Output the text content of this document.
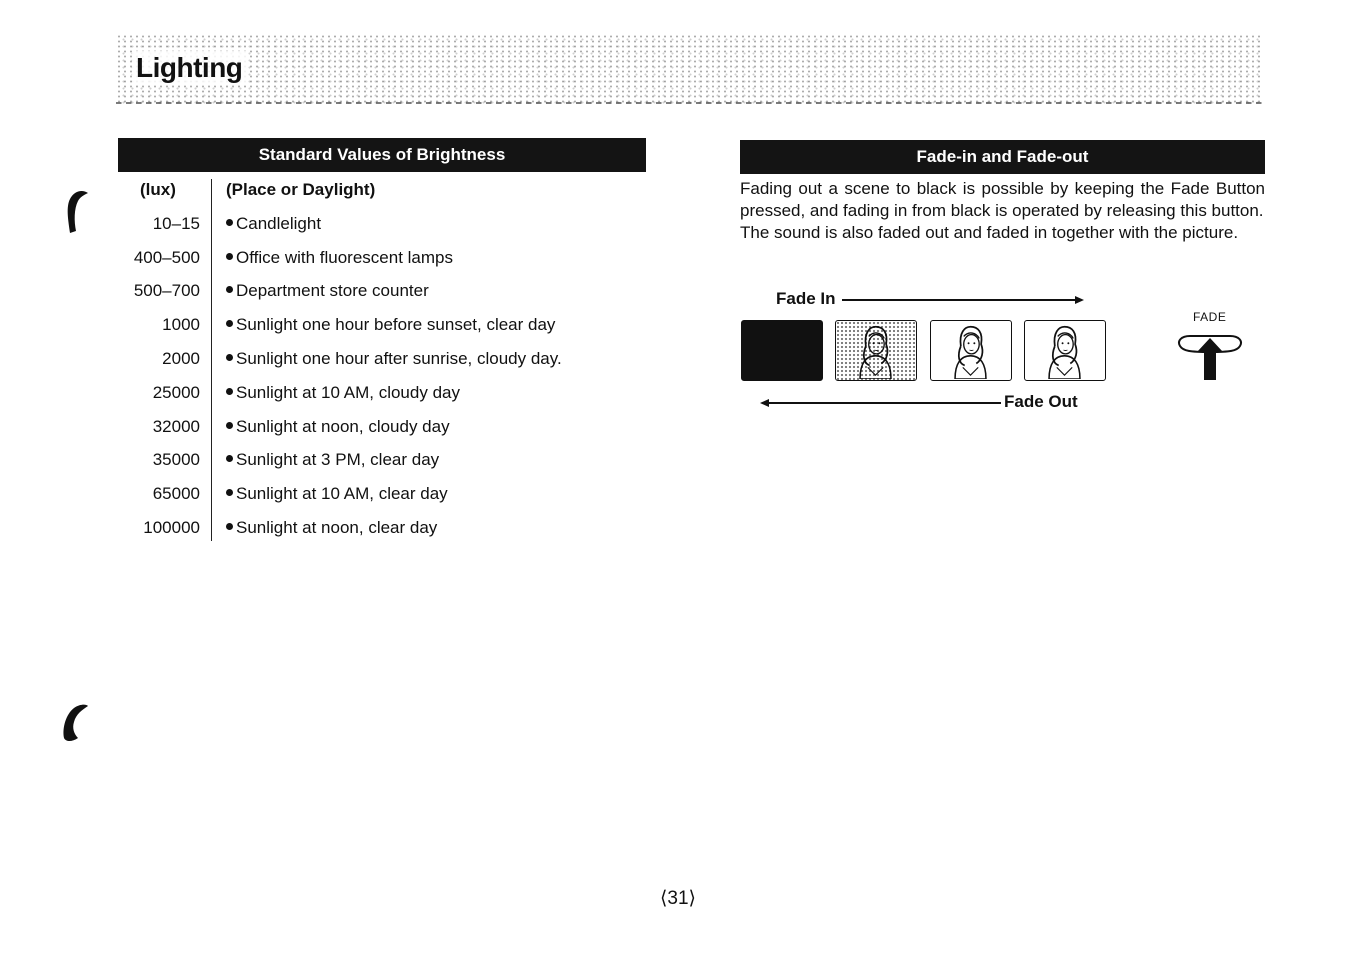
Lighting
Standard Values of Brightness
(lux)	(Place or Daylight)
10–15	Candlelight
400–500	Office with fluorescent lamps
500–700	Department store counter
1000	Sunlight one hour before sunset, clear day
2000	Sunlight one hour after sunrise, cloudy day.
25000	Sunlight at 10 AM, cloudy day
32000	Sunlight at noon, cloudy day
35000	Sunlight at 3 PM, clear day
65000	Sunlight at 10 AM, clear day
100000	Sunlight at noon, clear day
Fade-in and Fade-out

Fading out a scene to black is possible by keeping the Fade Button pressed, and fading in from black is operated by releasing this button.

The sound is also faded out and faded in together with the picture.

Fade In
Fade Out
FADE
⟨31⟩
